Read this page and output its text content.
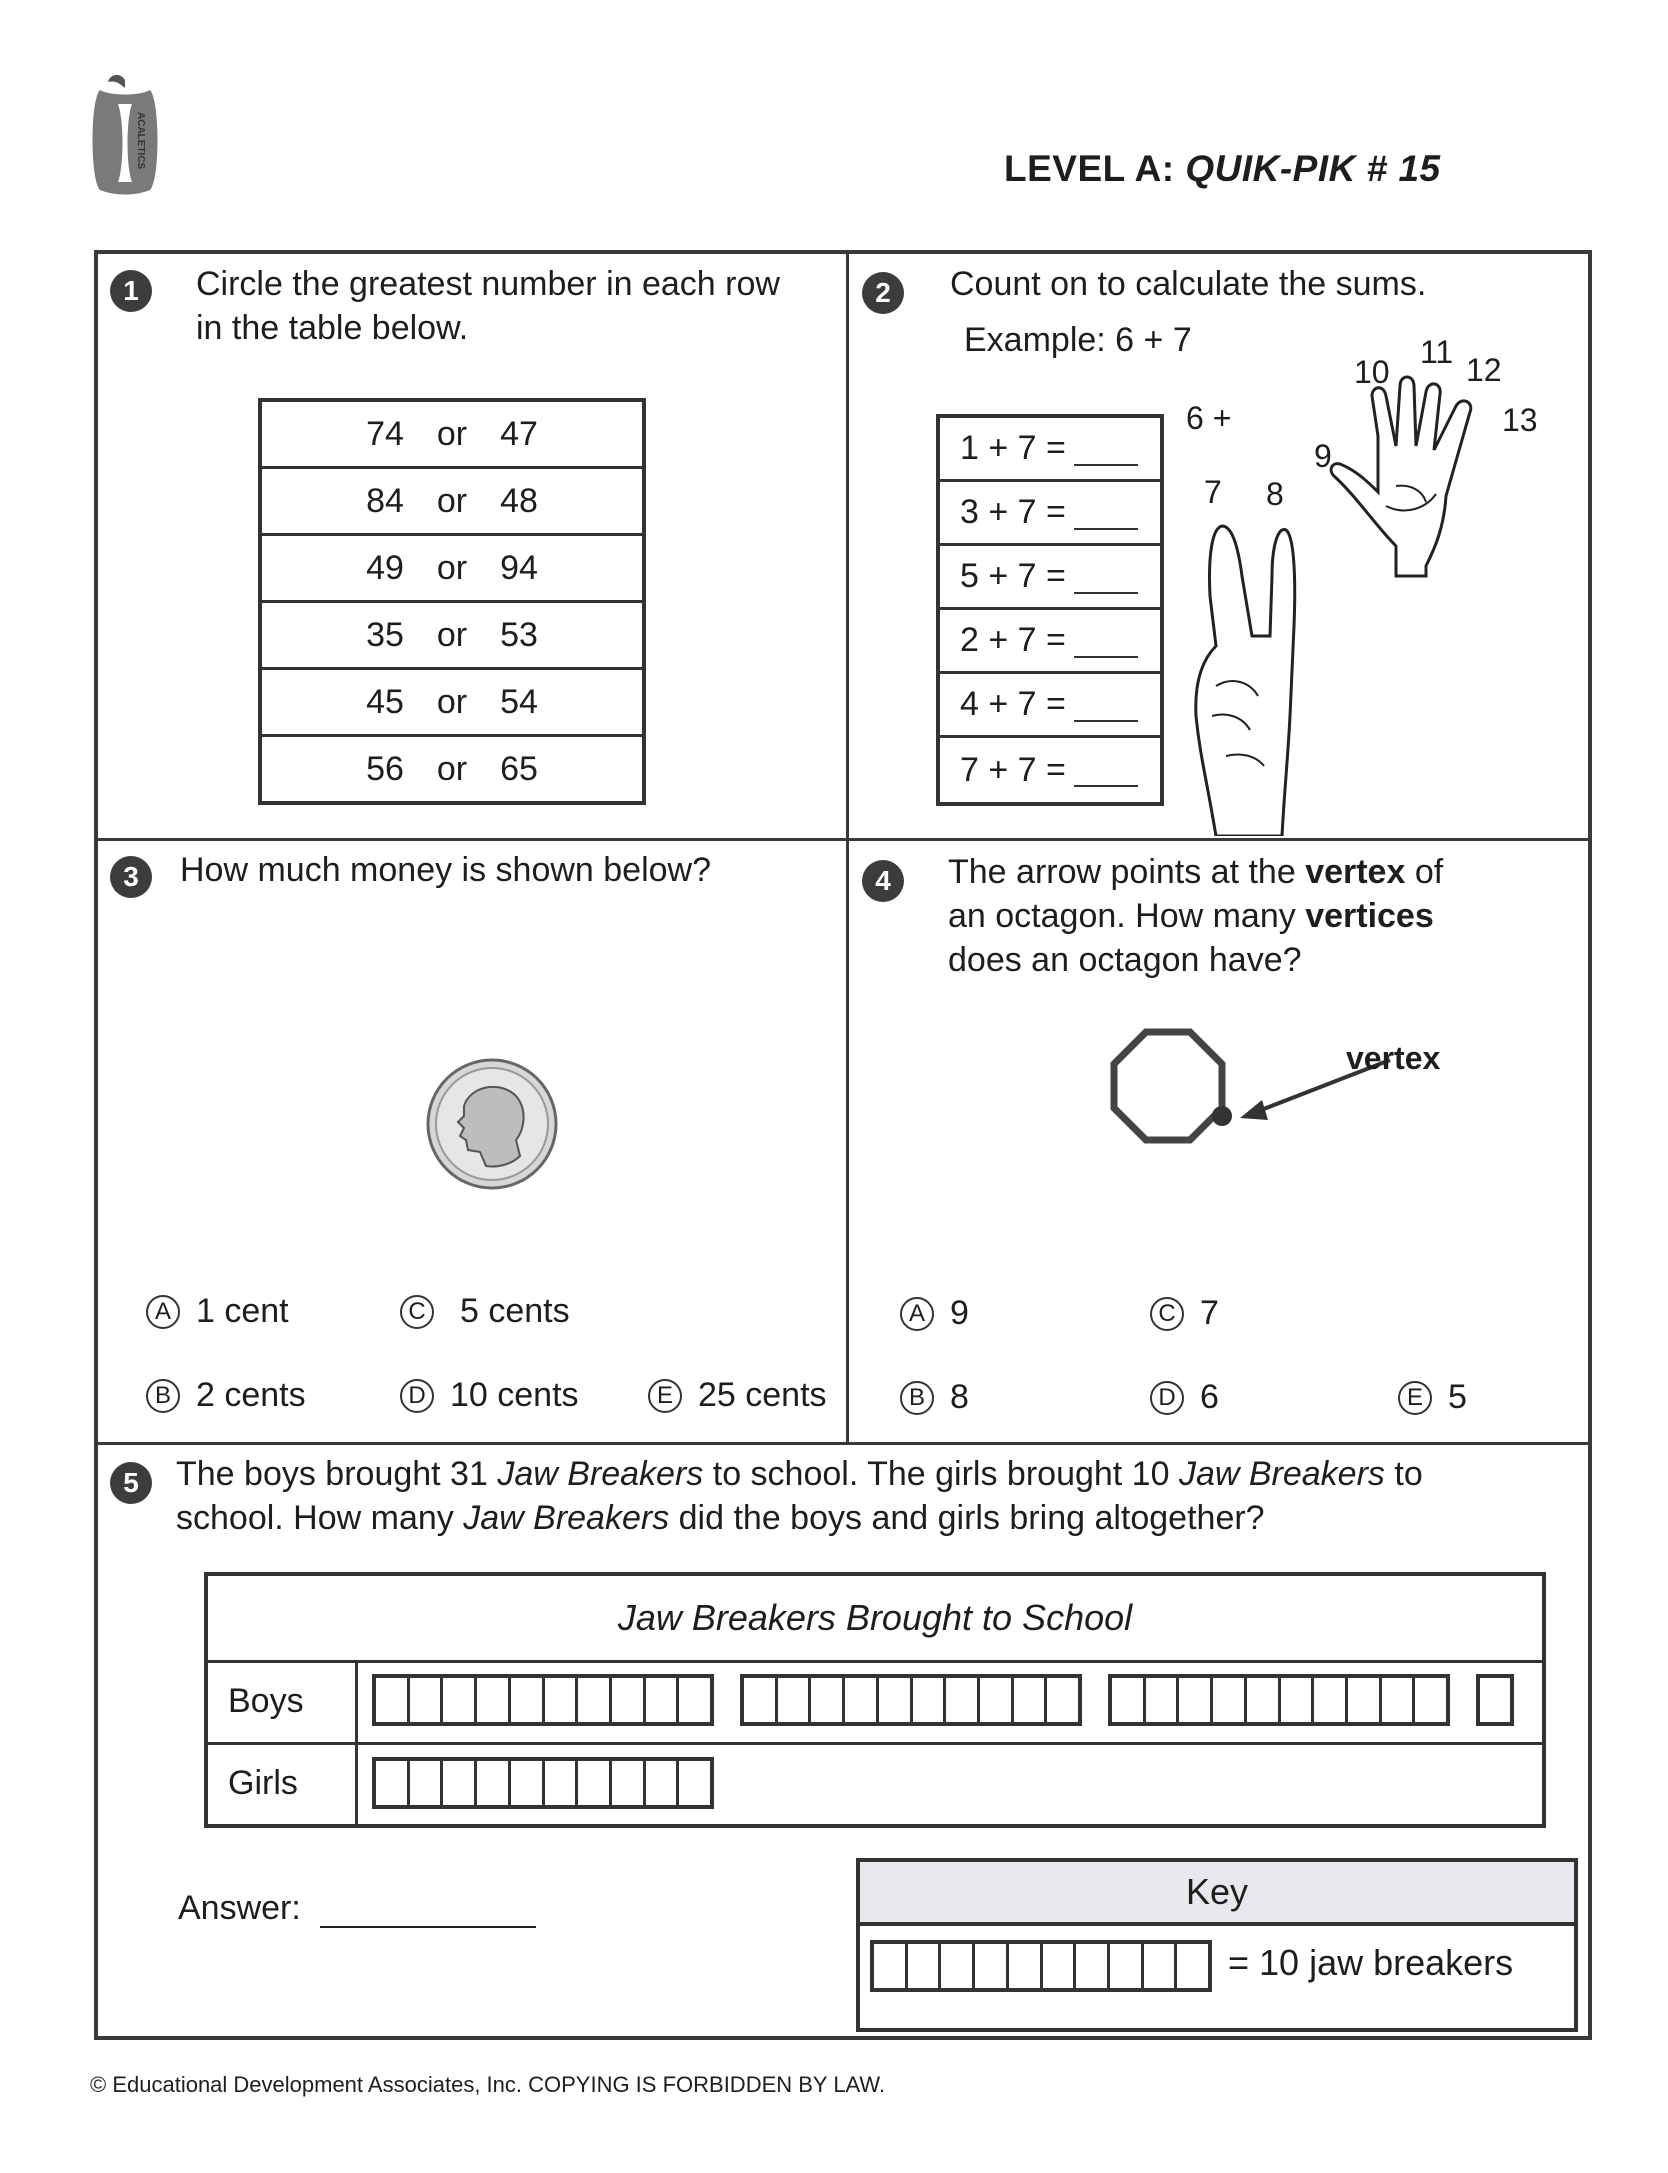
ACALETICS	LEVEL A: QUIK-PIK # 15
1	Circle the greatest number in each row
in the table below.
74 or 47
84 or 48
49 or 94
35 or 53
45 or 54
56 or 65
2	Count on to calculate the sums.
Example: 6 + 7
1 + 7 =
3 + 7 =
5 + 7 =
2 + 7 =
4 + 7 =
7 + 7 =
6 +
7 8
9
10
11 12
13
3	How much money is shown below?
A 1 cent	C 5 cents
B 2 cents	D 10 cents	E 25 cents
4	The arrow points at the vertex of
an octagon. How many vertices
does an octagon have?
vertex
A 9	C 7
B 8	D 6	E 5
5	The boys brought 31 Jaw Breakers to school. The girls brought 10 Jaw Breakers to
school. How many Jaw Breakers did the boys and girls bring altogether?
Jaw Breakers Brought to School
Boys
Girls
Answer:	Key
= 10 jaw breakers
© Educational Development Associates, Inc. COPYING IS FORBIDDEN BY LAW.
